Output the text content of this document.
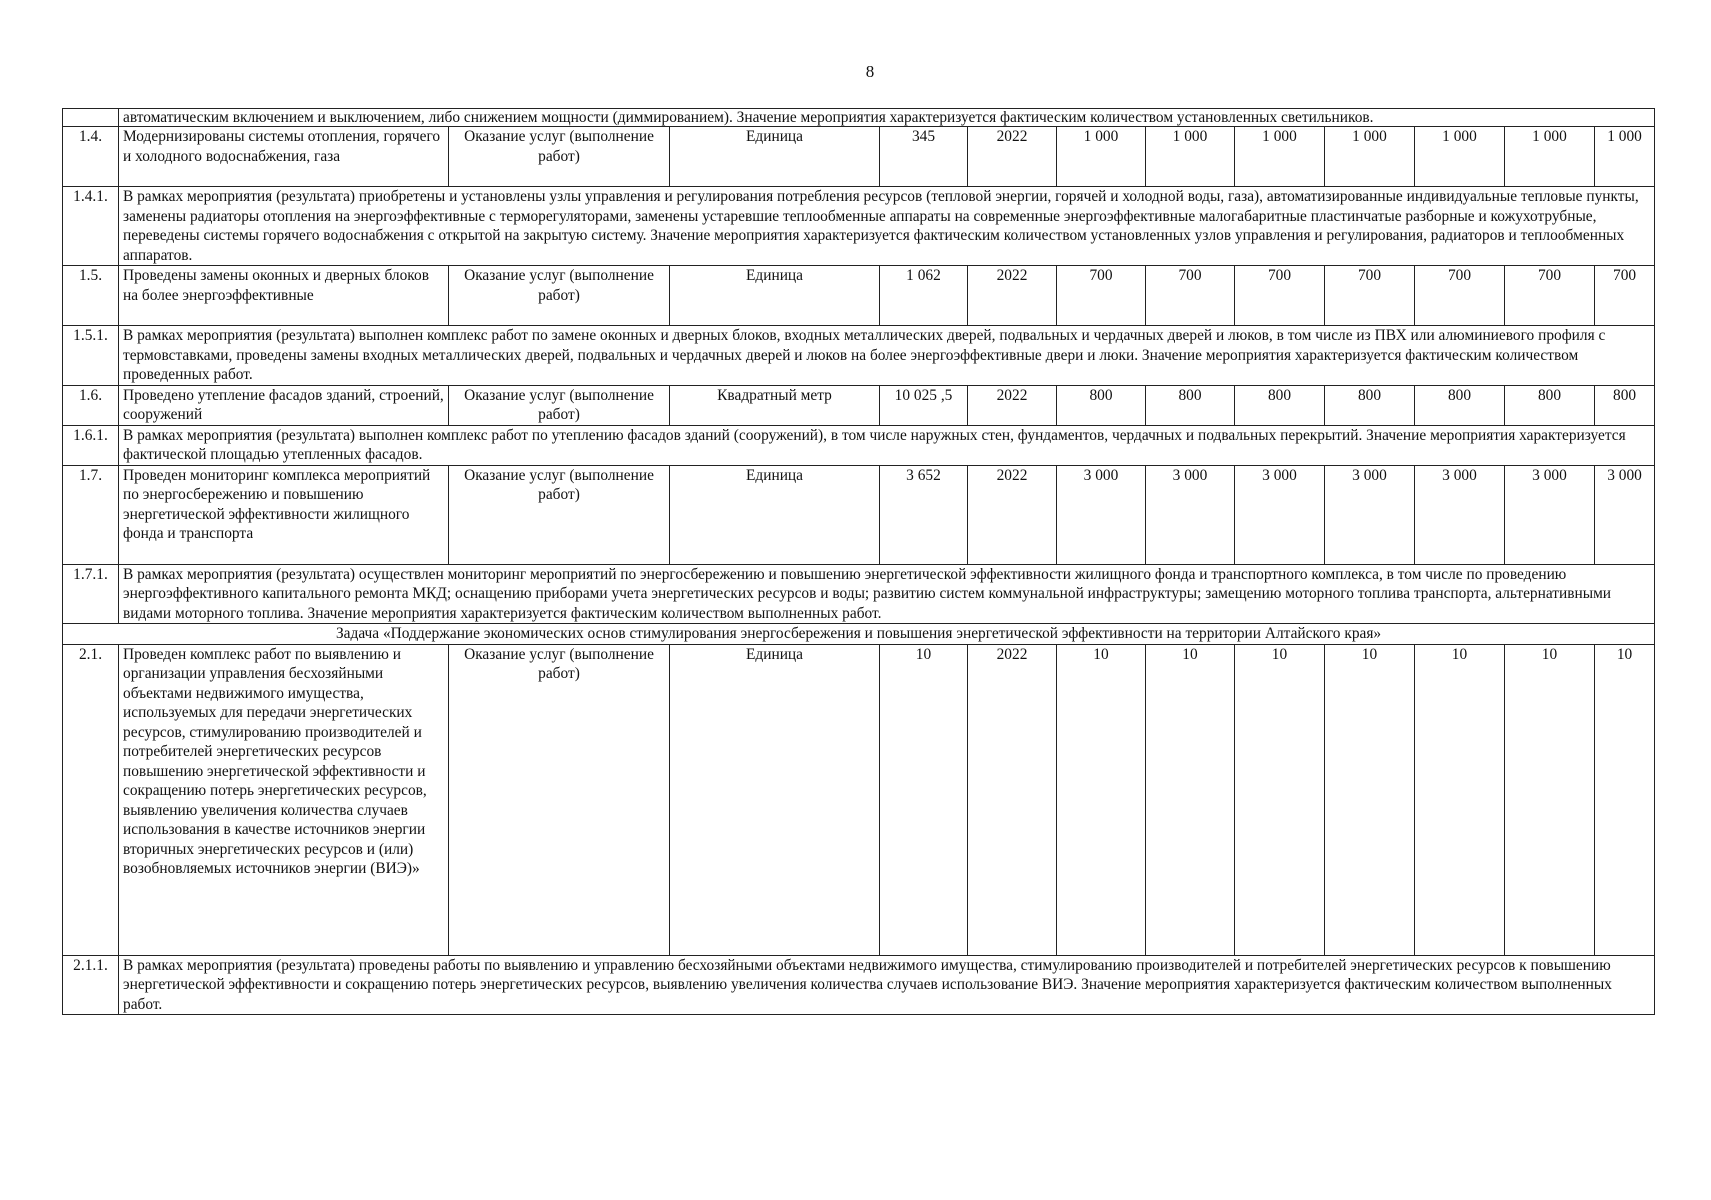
8
	автоматическим включением и выключением, либо снижением мощности (диммированием). Значение мероприятия характеризуется фактическим количеством установленных светильников.											
1.4.	Модернизированы системы отопления, горячего и холодного водоснабжения, газа	Оказание услуг (выполнение работ)	Единица	345	2022	1 000	1 000	1 000	1 000	1 000	1 000	1 000
1.4.1.	В рамках мероприятия (результата) приобретены и установлены узлы управления и регулирования потребления ресурсов (тепловой энергии, горячей и холодной воды, газа), автоматизированные индивидуальные тепловые пункты, заменены радиаторы отопления на энергоэффективные с терморегуляторами, заменены устаревшие теплообменные аппараты на современные энергоэффективные малогабаритные пластинчатые разборные и кожухотрубные, переведены системы горячего водоснабжения с открытой на закрытую систему. Значение мероприятия характеризуется фактическим количеством установленных узлов управления и регулирования, радиаторов и теплообменных аппаратов.											
1.5.	Проведены замены оконных и дверных блоков на более энергоэффективные	Оказание услуг (выполнение работ)	Единица	1 062	2022	700	700	700	700	700	700	700
1.5.1.	В рамках мероприятия (результата) выполнен комплекс работ по замене оконных и дверных блоков, входных металлических дверей, подвальных и чердачных дверей и люков, в том числе из ПВХ или алюминиевого профиля с термовставками, проведены замены входных металлических дверей, подвальных и чердачных дверей и люков на более энергоэффективные двери и люки. Значение мероприятия характеризуется фактическим количеством проведенных работ.											
1.6.	Проведено утепление фасадов зданий, строений, сооружений	Оказание услуг (выполнение работ)	Квадратный метр	10 025 ,5	2022	800	800	800	800	800	800	800
1.6.1.	В рамках мероприятия (результата) выполнен комплекс работ по утеплению фасадов зданий (сооружений), в том числе наружных стен, фундаментов, чердачных и подвальных перекрытий. Значение мероприятия характеризуется фактической площадью утепленных фасадов.											
1.7.	Проведен мониторинг комплекса мероприятий по энергосбережению и повышению энергетической эффективности жилищного фонда и транспорта	Оказание услуг (выполнение работ)	Единица	3 652	2022	3 000	3 000	3 000	3 000	3 000	3 000	3 000
1.7.1.	В рамках мероприятия (результата) осуществлен мониторинг мероприятий по энергосбережению и повышению энергетической эффективности жилищного фонда и транспортного комплекса, в том числе по проведению энергоэффективного капитального ремонта МКД; оснащению приборами учета энергетических ресурсов и воды; развитию систем коммунальной инфраструктуры; замещению моторного топлива транспорта, альтернативными видами моторного топлива. Значение мероприятия характеризуется фактическим количеством выполненных работ.											
Задача «Поддержание экономических основ стимулирования энергосбережения и повышения энергетической эффективности на территории Алтайского края»												
2.1.	Проведен комплекс работ по выявлению и организации управления бесхозяйными объектами недвижимого имущества, используемых для передачи энергетических ресурсов, стимулированию производителей и потребителей энергетических ресурсов повышению энергетической эффективности и сокращению потерь энергетических ресурсов, выявлению увеличения количества случаев использования в качестве источников энергии вторичных энергетических ресурсов и (или) возобновляемых источников энергии (ВИЭ)»	Оказание услуг (выполнение работ)	Единица	10	2022	10	10	10	10	10	10	10
2.1.1.	В рамках мероприятия (результата) проведены работы по выявлению и управлению бесхозяйными объектами недвижимого имущества, стимулированию производителей и потребителей энергетических ресурсов к повышению энергетической эффективности и сокращению потерь энергетических ресурсов, выявлению увеличения количества случаев использование ВИЭ. Значение мероприятия характеризуется фактическим количеством выполненных работ.											
